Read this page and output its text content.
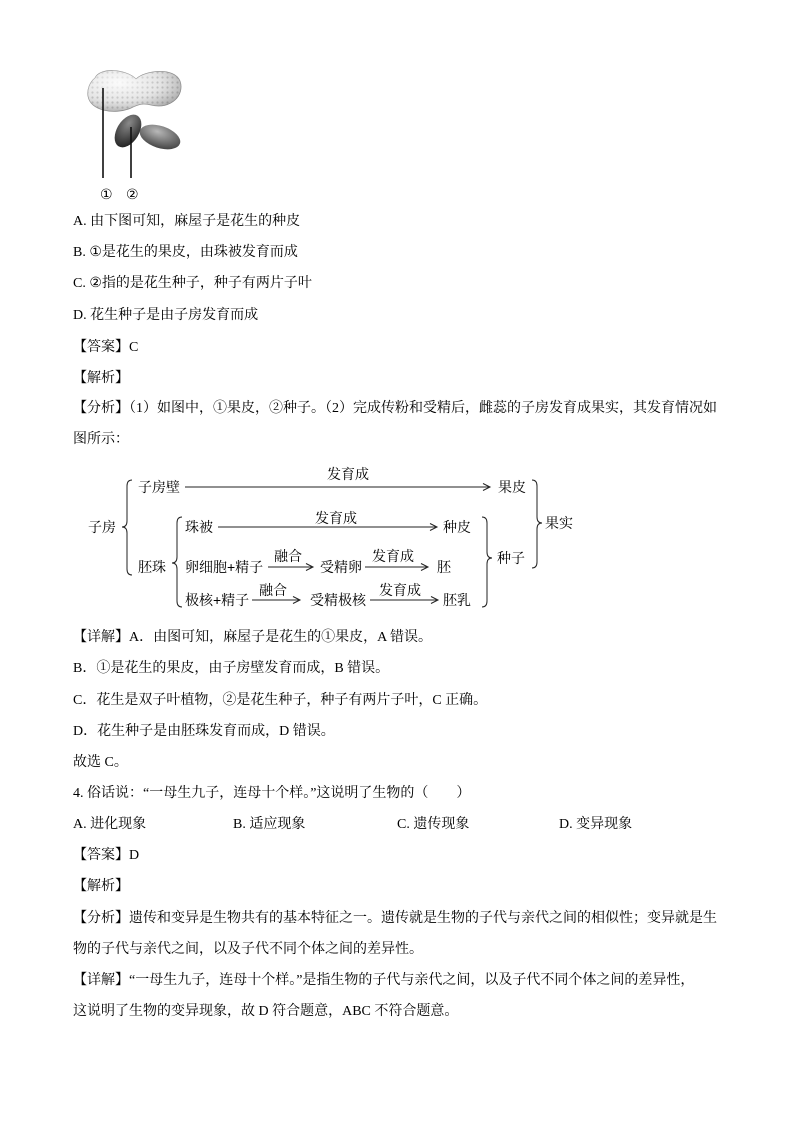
① ②
A. 由下图可知，麻屋子是花生的种皮
B. ①是花生的果皮，由珠被发育而成
C. ②指的是花生种子，种子有两片子叶
D. 花生种子是由子房发育而成
【答案】C
【解析】
【分析】（1）如图中，①果皮，②种子。（2）完成传粉和受精后，雌蕊的子房发育成果实，其发育情况如
图所示：
子房
子房壁
发育成
果皮
珠被
发育成
种皮
胚珠 卵细胞+精子
融合
受精卵
发育成
胚
极核+精子
融合
受精极核
发育成
胚乳
种子
果实
【详解】A．由图可知，麻屋子是花生的①果皮，A 错误。
B．①是花生的果皮，由子房壁发育而成，B 错误。
C．花生是双子叶植物，②是花生种子，种子有两片子叶，C 正确。
D．花生种子是由胚珠发育而成，D 错误。
故选 C。
4. 俗话说：“一母生九子，连母十个样。”这说明了生物的（　　）
A. 进化现象	B. 适应现象	C. 遗传现象	D. 变异现象
【答案】D
【解析】
【分析】遗传和变异是生物共有的基本特征之一。遗传就是生物的子代与亲代之间的相似性；变异就是生
物的子代与亲代之间，以及子代不同个体之间的差异性。
【详解】“一母生九子，连母十个样。”是指生物的子代与亲代之间，以及子代不同个体之间的差异性，
这说明了生物的变异现象，故 D 符合题意，ABC 不符合题意。
